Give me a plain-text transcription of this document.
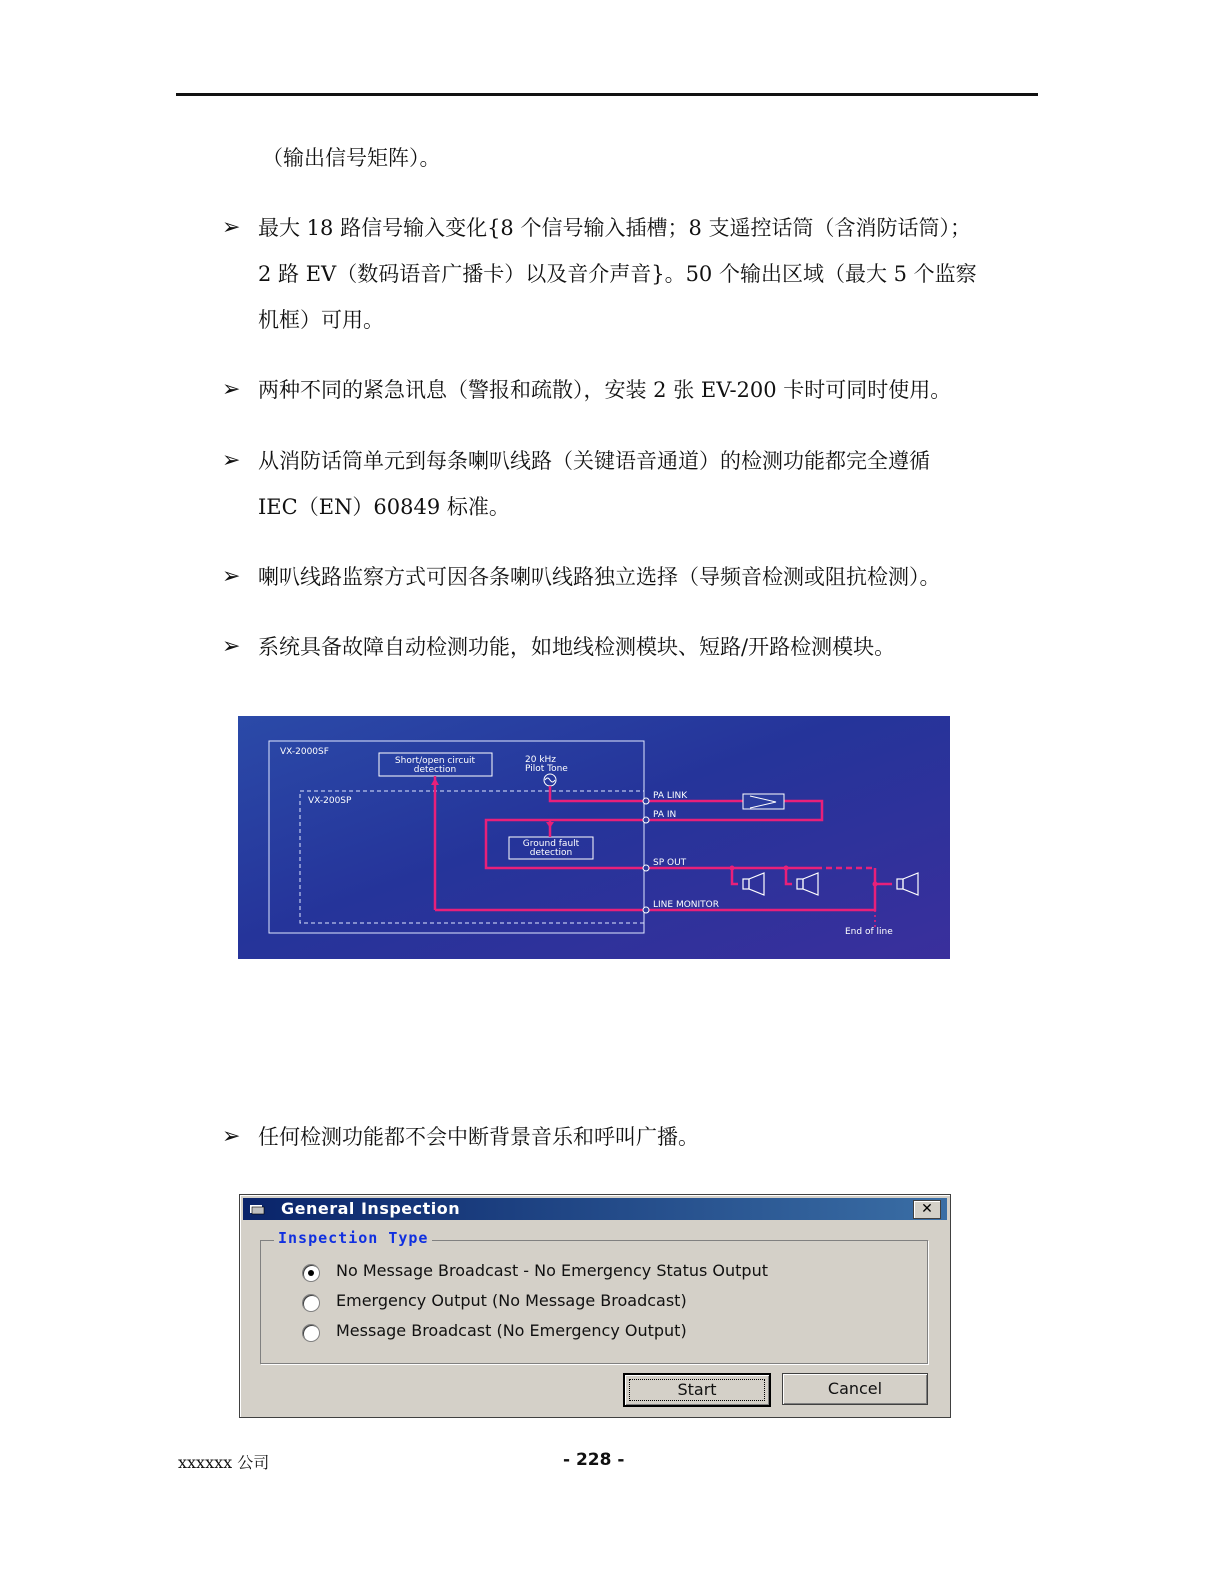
（输出信号矩阵）。
➢ 最大 18 路信号输入变化{8 个信号输入插槽；8 支遥控话筒（含消防话筒）；
2 路 EV（数码语音广播卡）以及音介声音}。50 个输出区域（最大 5 个监察
机框）可用。
➢ 两种不同的紧急讯息（警报和疏散），安装 2 张 EV-200 卡时可同时使用。
➢ 从消防话筒单元到每条喇叭线路（关键语音通道）的检测功能都完全遵循
IEC（EN）60849 标准。
➢ 喇叭线路监察方式可因各条喇叭线路独立选择（导频音检测或阻抗检测）。
➢ 系统具备故障自动检测功能，如地线检测模块、短路/开路检测模块。
VX-2000SF
VX-200SP
Short/open circuit
detection
20 kHz
Pilot Tone
Ground fault
detection
PA LINK
PA IN
SP OUT
LINE MONITOR
End of line
➢ 任何检测功能都不会中断背景音乐和呼叫广播。
General Inspection	✕
Inspection Type
No Message Broadcast - No Emergency Status Output
Emergency Output (No Message Broadcast)
Message Broadcast (No Emergency Output)
Start	Cancel
xxxxxx 公司	- 228 -
